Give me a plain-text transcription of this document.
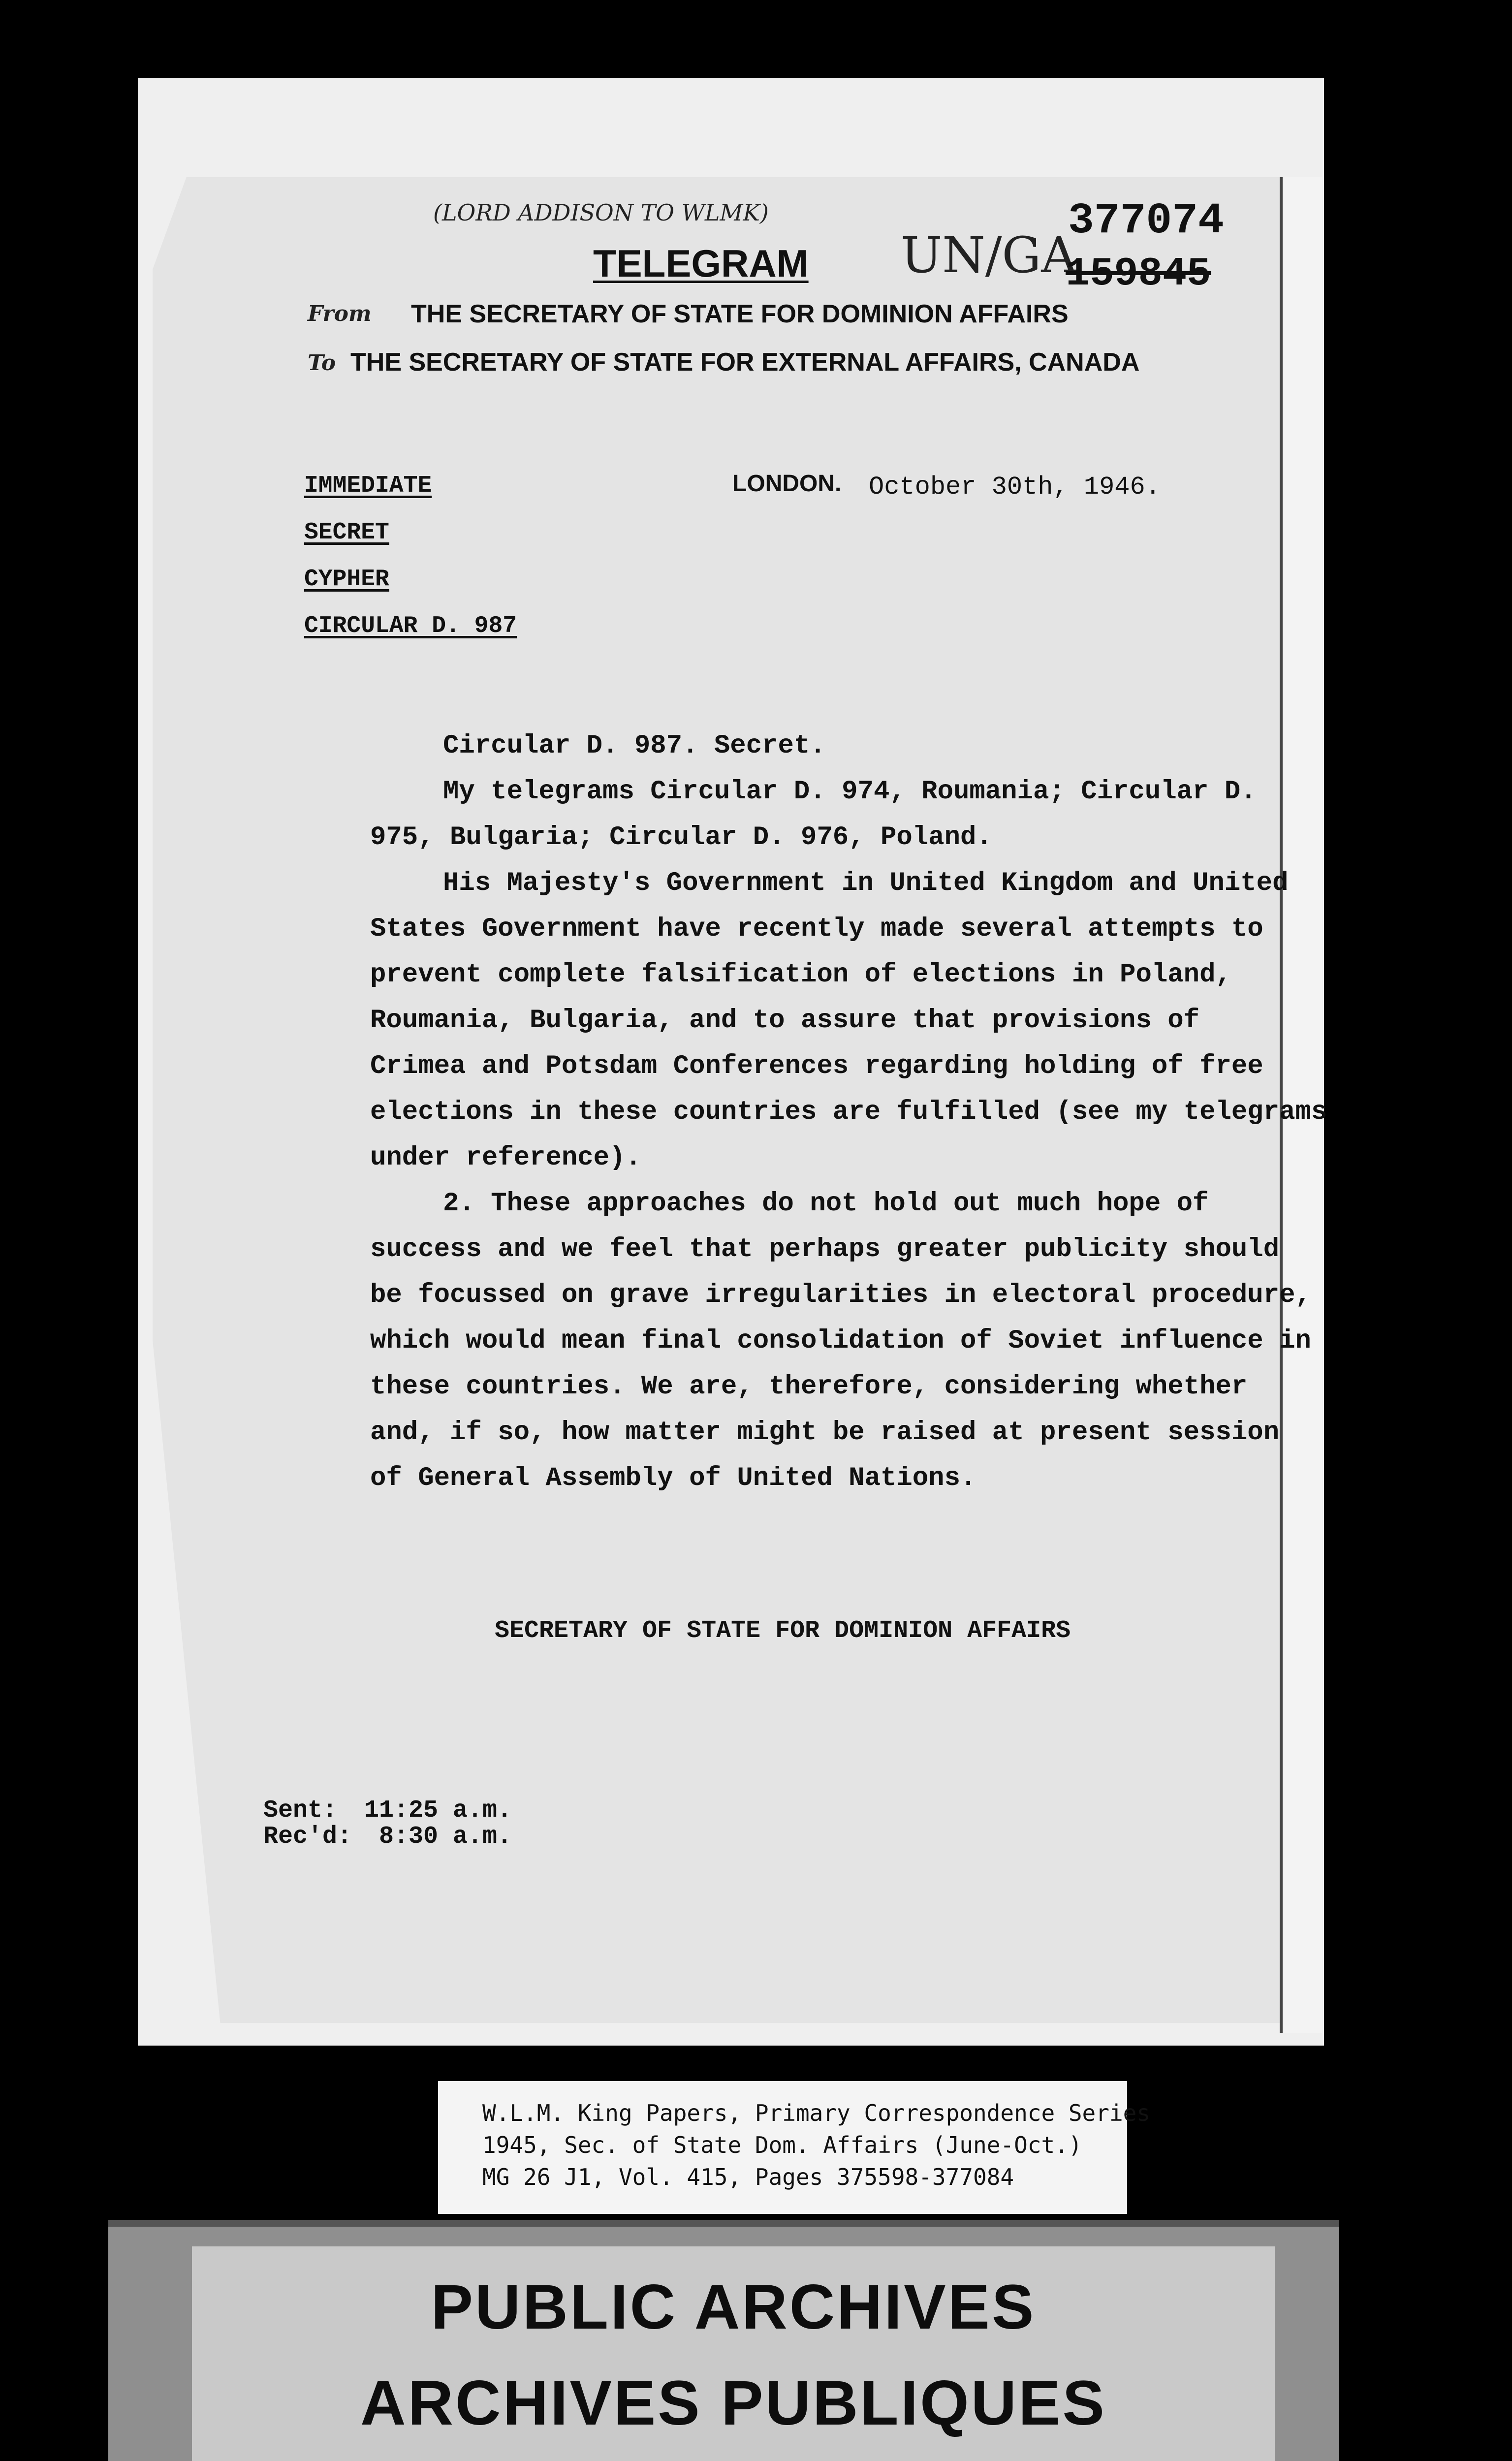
(LORD ADDISON TO WLMK)
UN/GA
377074
159845
TELEGRAM
From THE SECRETARY OF STATE FOR DOMINION AFFAIRS
To THE SECRETARY OF STATE FOR EXTERNAL AFFAIRS, CANADA
IMMEDIATE
SECRET
CYPHER
CIRCULAR D. 987
LONDON. October 30th, 1946.
Circular D. 987. Secret.
My telegrams Circular D. 974, Roumania; Circular D.
975, Bulgaria; Circular D. 976, Poland.
His Majesty's Government in United Kingdom and United
States Government have recently made several attempts to
prevent complete falsification of elections in Poland,
Roumania, Bulgaria, and to assure that provisions of
Crimea and Potsdam Conferences regarding holding of free
elections in these countries are fulfilled (see my telegrams
under reference).
2. These approaches do not hold out much hope of
success and we feel that perhaps greater publicity should
be focussed on grave irregularities in electoral procedure,
which would mean final consolidation of Soviet influence in
these countries. We are, therefore, considering whether
and, if so, how matter might be raised at present session
of General Assembly of United Nations.
SECRETARY OF STATE FOR DOMINION AFFAIRS
Sent: 11:25 a.m.
Rec'd: 8:30 a.m.
W.L.M. King Papers, Primary Correspondence Series
1945, Sec. of State Dom. Affairs (June-Oct.)
MG 26 J1, Vol. 415, Pages 375598-377084
PUBLIC ARCHIVES
ARCHIVES PUBLIQUES
